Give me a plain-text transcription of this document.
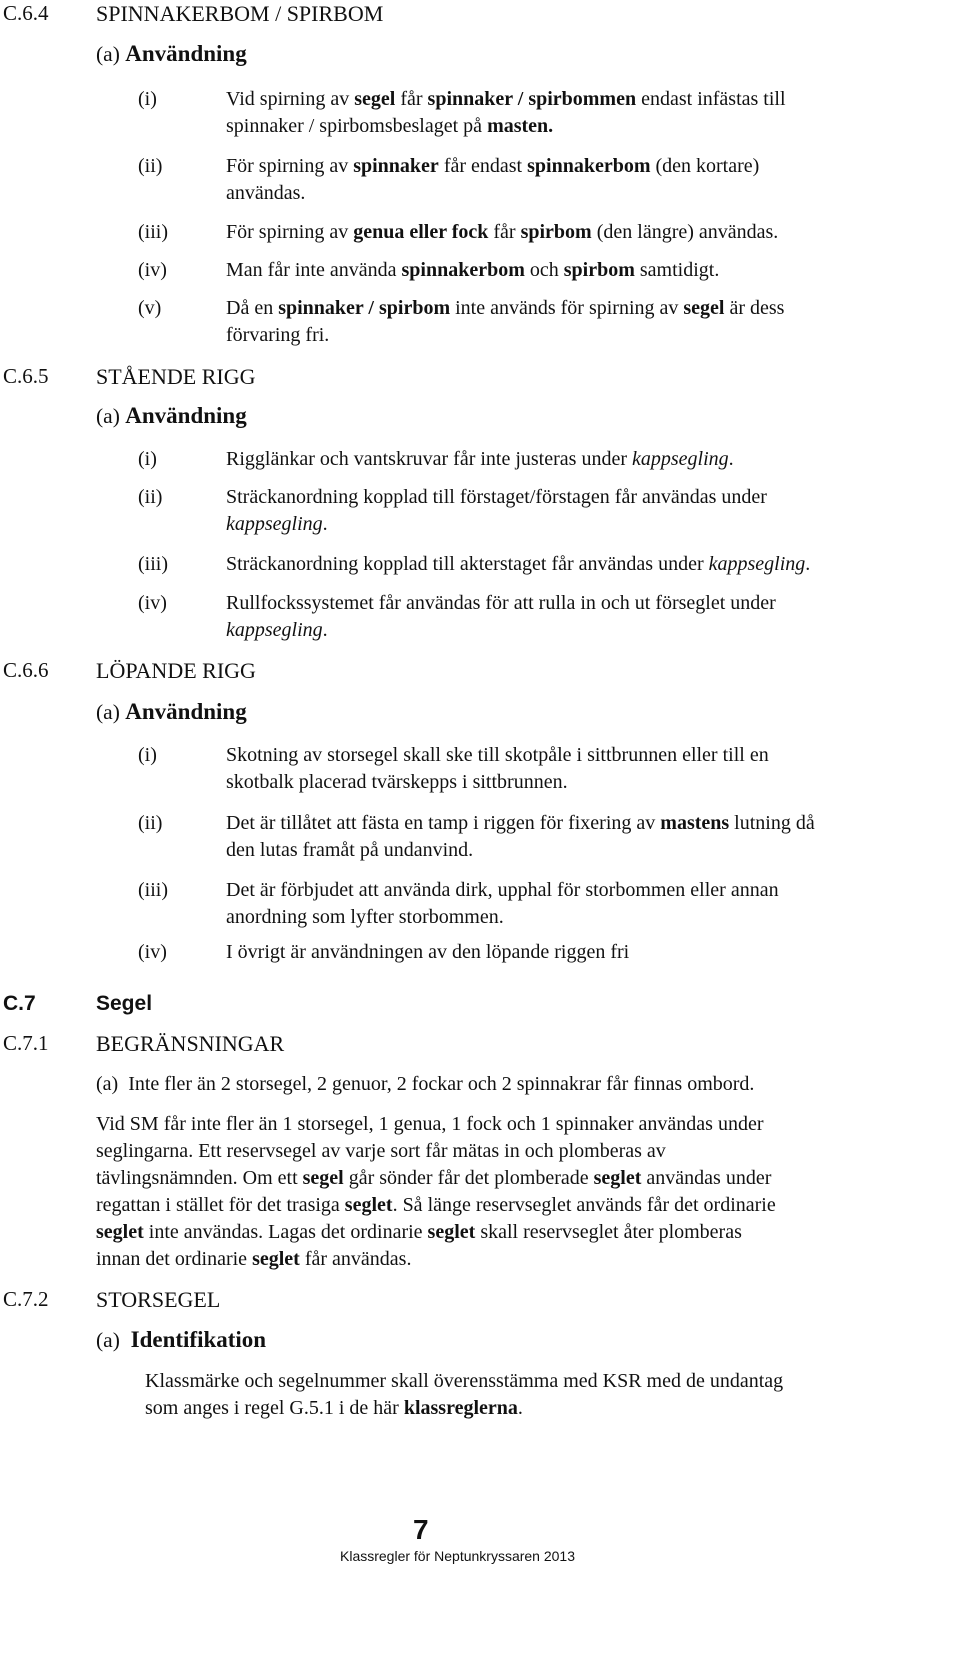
C.6.4 SPINNAKERBOM / SPIRBOM
(a) Användning
(i)	Vid spirning av segel får spinnaker / spirbommen endast infästas till
spinnaker / spirbomsbeslaget på masten.
(ii)	För spirning av spinnaker får endast spinnakerbom (den kortare)
användas.
(iii)	För spirning av genua eller fock får spirbom (den längre) användas.
(iv)	Man får inte använda spinnakerbom och spirbom samtidigt.
(v)	Då en spinnaker / spirbom inte används för spirning av segel är dess
förvaring fri.
C.6.5 STÅENDE RIGG
(a) Användning
(i)	Rigglänkar och vantskruvar får inte justeras under kappsegling.
(ii)	Sträckanordning kopplad till förstaget/förstagen får användas under
kappsegling.
(iii)	Sträckanordning kopplad till akterstaget får användas under kappsegling.
(iv)	Rullfockssystemet får användas för att rulla in och ut förseglet under
kappsegling.
C.6.6 LÖPANDE RIGG
(a) Användning
(i)	Skotning av storsegel skall ske till skotpåle i sittbrunnen eller till en
skotbalk placerad tvärskepps i sittbrunnen.
(ii)	Det är tillåtet att fästa en tamp i riggen för fixering av mastens lutning då
den lutas framåt på undanvind.
(iii)	Det är förbjudet att använda dirk, upphal för storbommen eller annan
anordning som lyfter storbommen.
(iv)	I övrigt är användningen av den löpande riggen fri
C.7	Segel
C.7.1 BEGRÄNSNINGAR
(a) Inte fler än 2 storsegel, 2 genuor, 2 fockar och 2 spinnakrar får finnas ombord.
Vid SM får inte fler än 1 storsegel, 1 genua, 1 fock och 1 spinnaker användas under
seglingarna. Ett reservsegel av varje sort får mätas in och plomberas av
tävlingsnämnden. Om ett segel går sönder får det plomberade seglet användas under
regattan i stället för det trasiga seglet. Så länge reservseglet används får det ordinarie
seglet inte användas. Lagas det ordinarie seglet skall reservseglet åter plomberas
innan det ordinarie seglet får användas.
C.7.2 STORSEGEL
(a) Identifikation
Klassmärke och segelnummer skall överensstämma med KSR med de undantag
som anges i regel G.5.1 i de här klassreglerna.
7
Klassregler för Neptunkryssaren 2013
